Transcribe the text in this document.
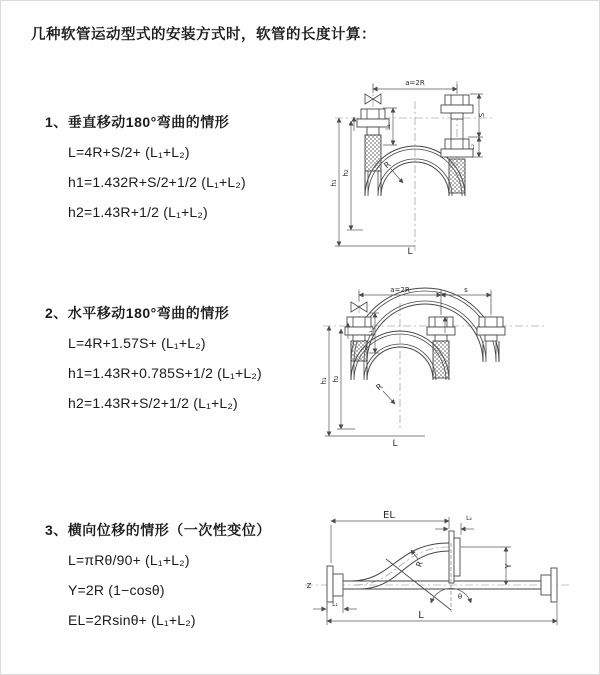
几种软管运动型式的安装方式时，软管的长度计算：
1、垂直移动180°弯曲的情形
L=4R+S/2+ (L₁+L₂)
h1=1.432R+S/2+1/2 (L₁+L₂)
h2=1.43R+1/2 (L₁+L₂)
2、水平移动180°弯曲的情形
L=4R+1.57S+ (L₁+L₂)
h1=1.43R+0.785S+1/2 (L₁+L₂)
h2=1.43R+S/2+1/2 (L₁+L₂)
3、横向位移的情形（一次性变位）
L=πRθ/90+ (L₁+L₂)
Y=2R (1−cosθ)
EL=2Rsinθ+ (L₁+L₂)
a=2R
h₁
h₂
S
L₂
L₁
R
L
a=2R	s
h₁ h₂
L₁
R
L
EL	L₂
Y
L
L₁
R
θ
Z
